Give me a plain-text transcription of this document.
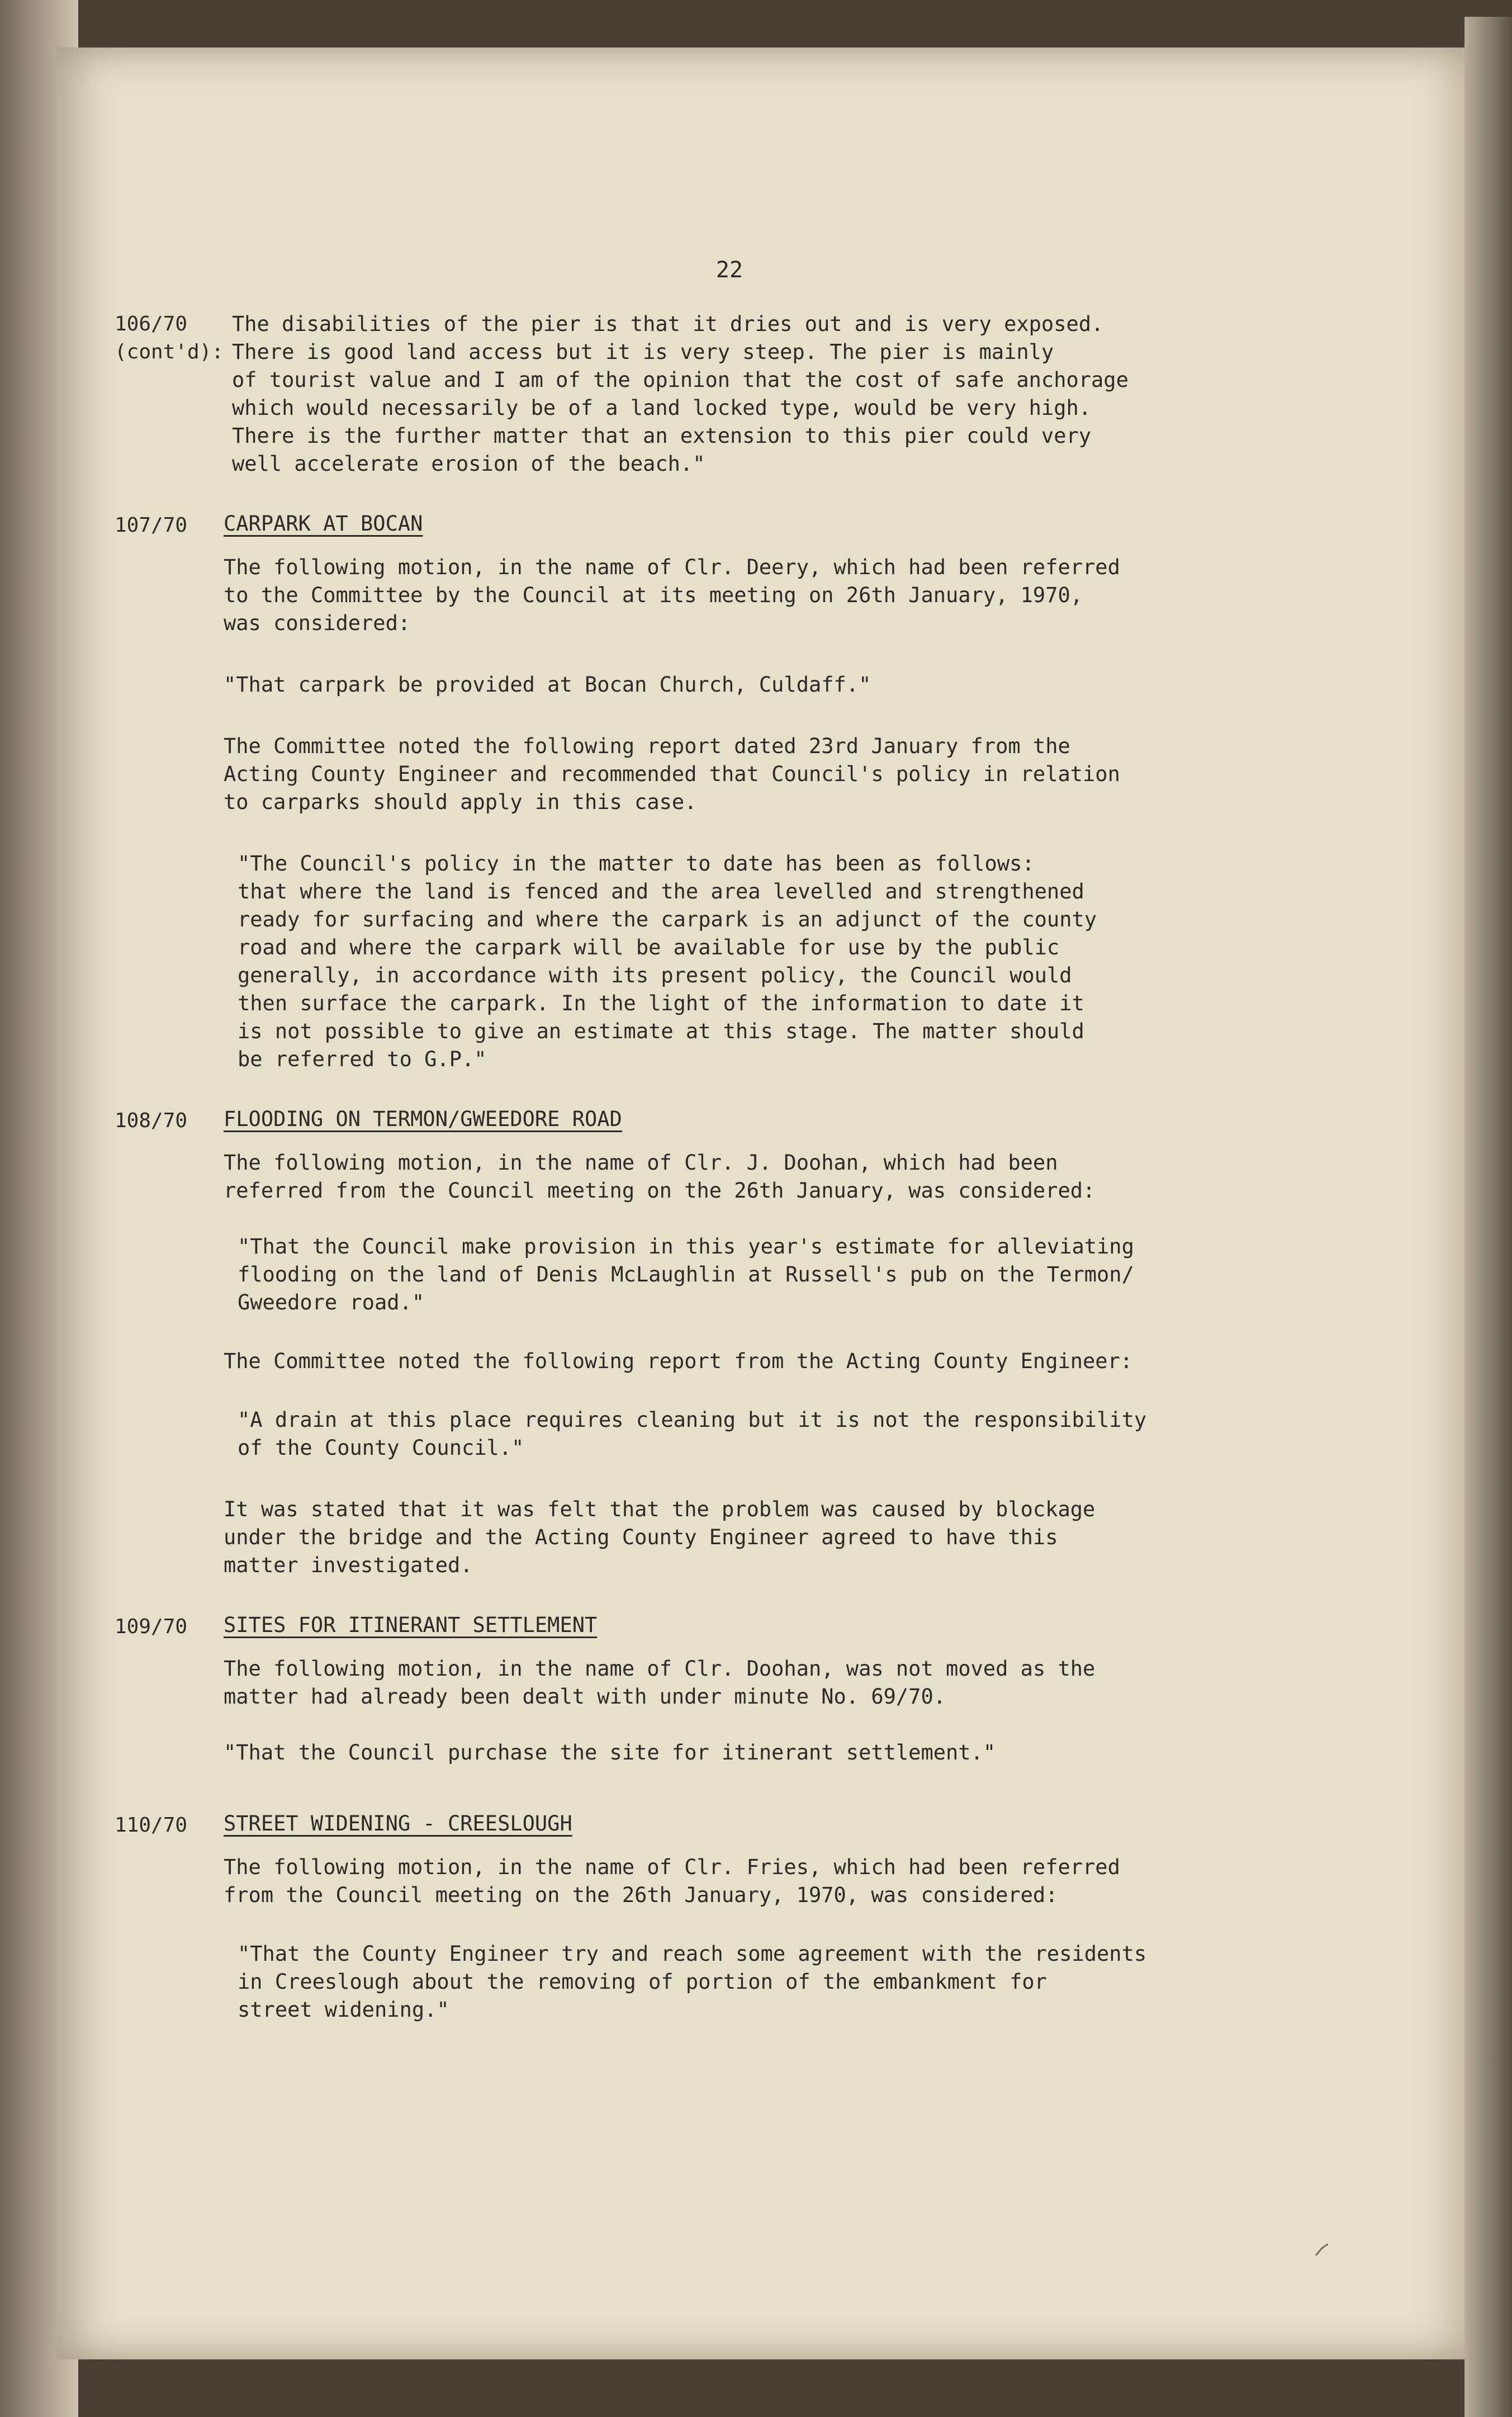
22
106/70
(cont'd):
The disabilities of the pier is that it dries out and is very exposed.
There is good land access but it is very steep. The pier is mainly
of tourist value and I am of the opinion that the cost of safe anchorage
which would necessarily be of a land locked type, would be very high.
There is the further matter that an extension to this pier could very
well accelerate erosion of the beach."
107/70 CARPARK AT BOCAN
The following motion, in the name of Clr. Deery, which had been referred
to the Committee by the Council at its meeting on 26th January, 1970,
was considered:
"That carpark be provided at Bocan Church, Culdaff."
The Committee noted the following report dated 23rd January from the
Acting County Engineer and recommended that Council's policy in relation
to carparks should apply in this case.
"The Council's policy in the matter to date has been as follows:
that where the land is fenced and the area levelled and strengthened
ready for surfacing and where the carpark is an adjunct of the county
road and where the carpark will be available for use by the public
generally, in accordance with its present policy, the Council would
then surface the carpark. In the light of the information to date it
is not possible to give an estimate at this stage. The matter should
be referred to G.P."
108/70 FLOODING ON TERMON/GWEEDORE ROAD
The following motion, in the name of Clr. J. Doohan, which had been
referred from the Council meeting on the 26th January, was considered:
"That the Council make provision in this year's estimate for alleviating
flooding on the land of Denis McLaughlin at Russell's pub on the Termon/
Gweedore road."
The Committee noted the following report from the Acting County Engineer:
"A drain at this place requires cleaning but it is not the responsibility
of the County Council."
It was stated that it was felt that the problem was caused by blockage
under the bridge and the Acting County Engineer agreed to have this
matter investigated.
109/70 SITES FOR ITINERANT SETTLEMENT
The following motion, in the name of Clr. Doohan, was not moved as the
matter had already been dealt with under minute No. 69/70.
"That the Council purchase the site for itinerant settlement."
110/70 STREET WIDENING - CREESLOUGH
The following motion, in the name of Clr. Fries, which had been referred
from the Council meeting on the 26th January, 1970, was considered:
"That the County Engineer try and reach some agreement with the residents
in Creeslough about the removing of portion of the embankment for
street widening."
